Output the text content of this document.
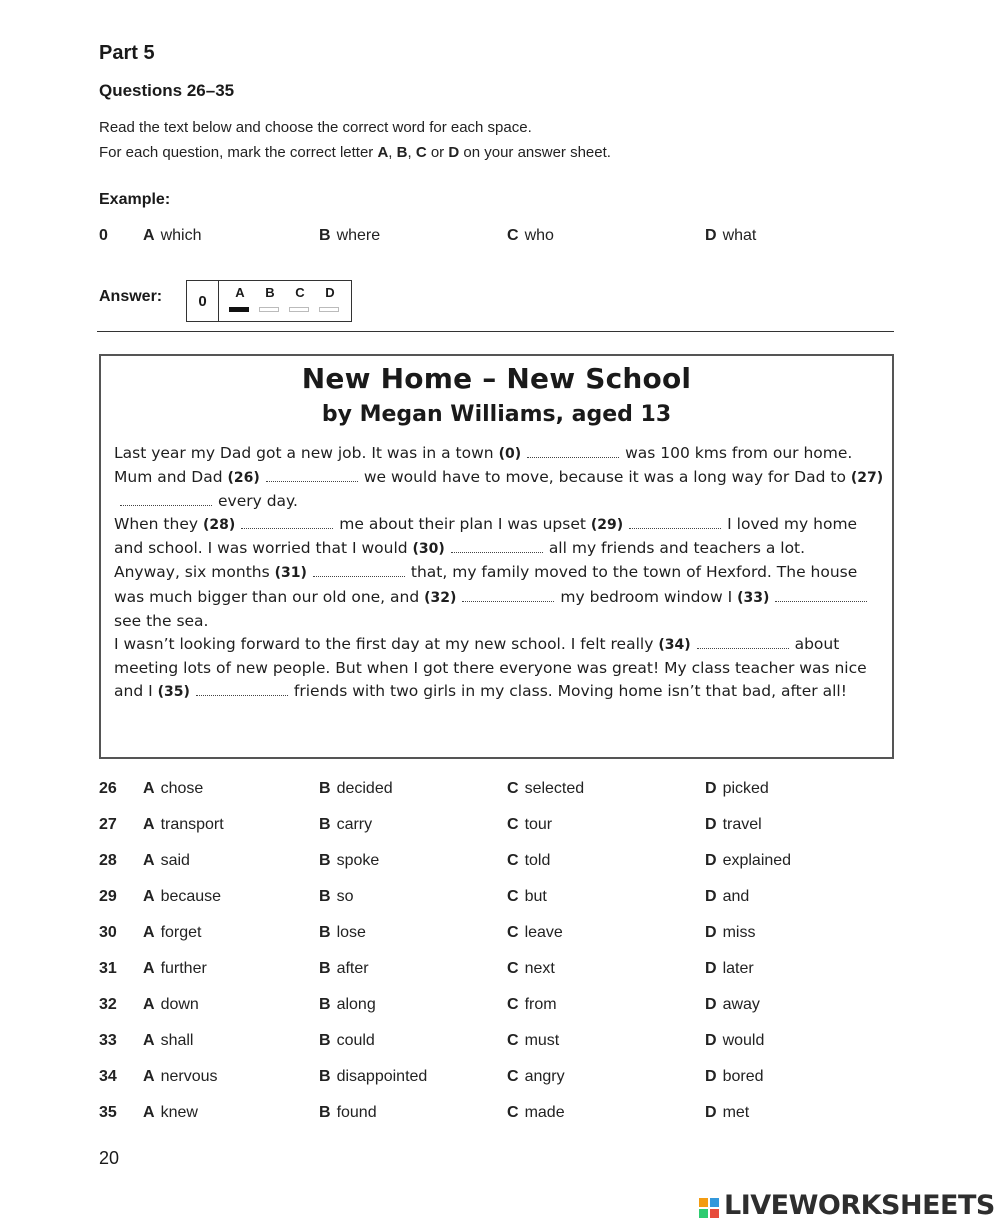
Part 5
Questions 26–35
Read the text below and choose the correct word for each space.
For each question, mark the correct letter A, B, C or D on your answer sheet.
Example:
0 A which	B where	C who	D what
Answer:	0
A B C D
New Home – New School
by Megan Williams, aged 13

Last year my Dad got a new job. It was in a town (0)	was 100 kms from our home. Mum and Dad (26)	we would have to move, because it was a long way for Dad to (27)every day.

When they (28)	me about their plan I was upset (29)	I loved my home and school. I was worried that I would (30)	all my friends and teachers a lot.

Anyway, six months (31)	that, my family moved to the town of Hexford. The house was much bigger than our old one, and (32)	my bedroom window I (33)see the sea.

I wasn’t looking forward to the first day at my new school. I felt really (34)	about meeting lots of new people. But when I got there everyone was great! My class teacher was nice and I (35)	friends with two girls in my class. Moving home isn’t that bad, after all!

26 A chose	B decided	C selected	D picked
27 A transport	B carry	C tour	D travel
28 A said	B spoke	C told	D explained
29 A because	B so	C but	D and
30 A forget	B lose	C leave	D miss
31 A further	B after	C next	D later
32 A down	B along	C from	D away
33 A shall	B could	C must	D would
34 A nervous	B disappointed	C angry	D bored
35 A knew	B found	C made	D met
20
LIVEWORKSHEETS
